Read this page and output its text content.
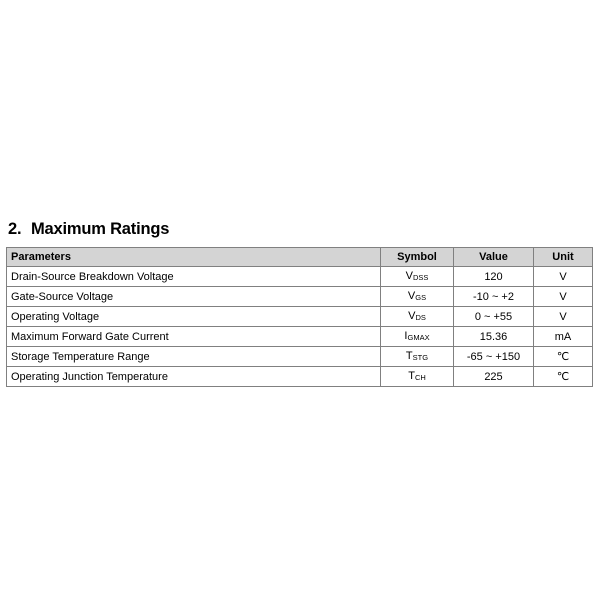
2. Maximum Ratings
Parameters	Symbol	Value	Unit
Drain-Source Breakdown Voltage	VDSS	120	V
Gate-Source Voltage	VGS	-10 ~ +2	V
Operating Voltage	VDS	0 ~ +55	V
Maximum Forward Gate Current	IGMAX	15.36	mA
Storage Temperature Range	TSTG	-65 ~ +150	℃
Operating Junction Temperature	TCH	225	℃
